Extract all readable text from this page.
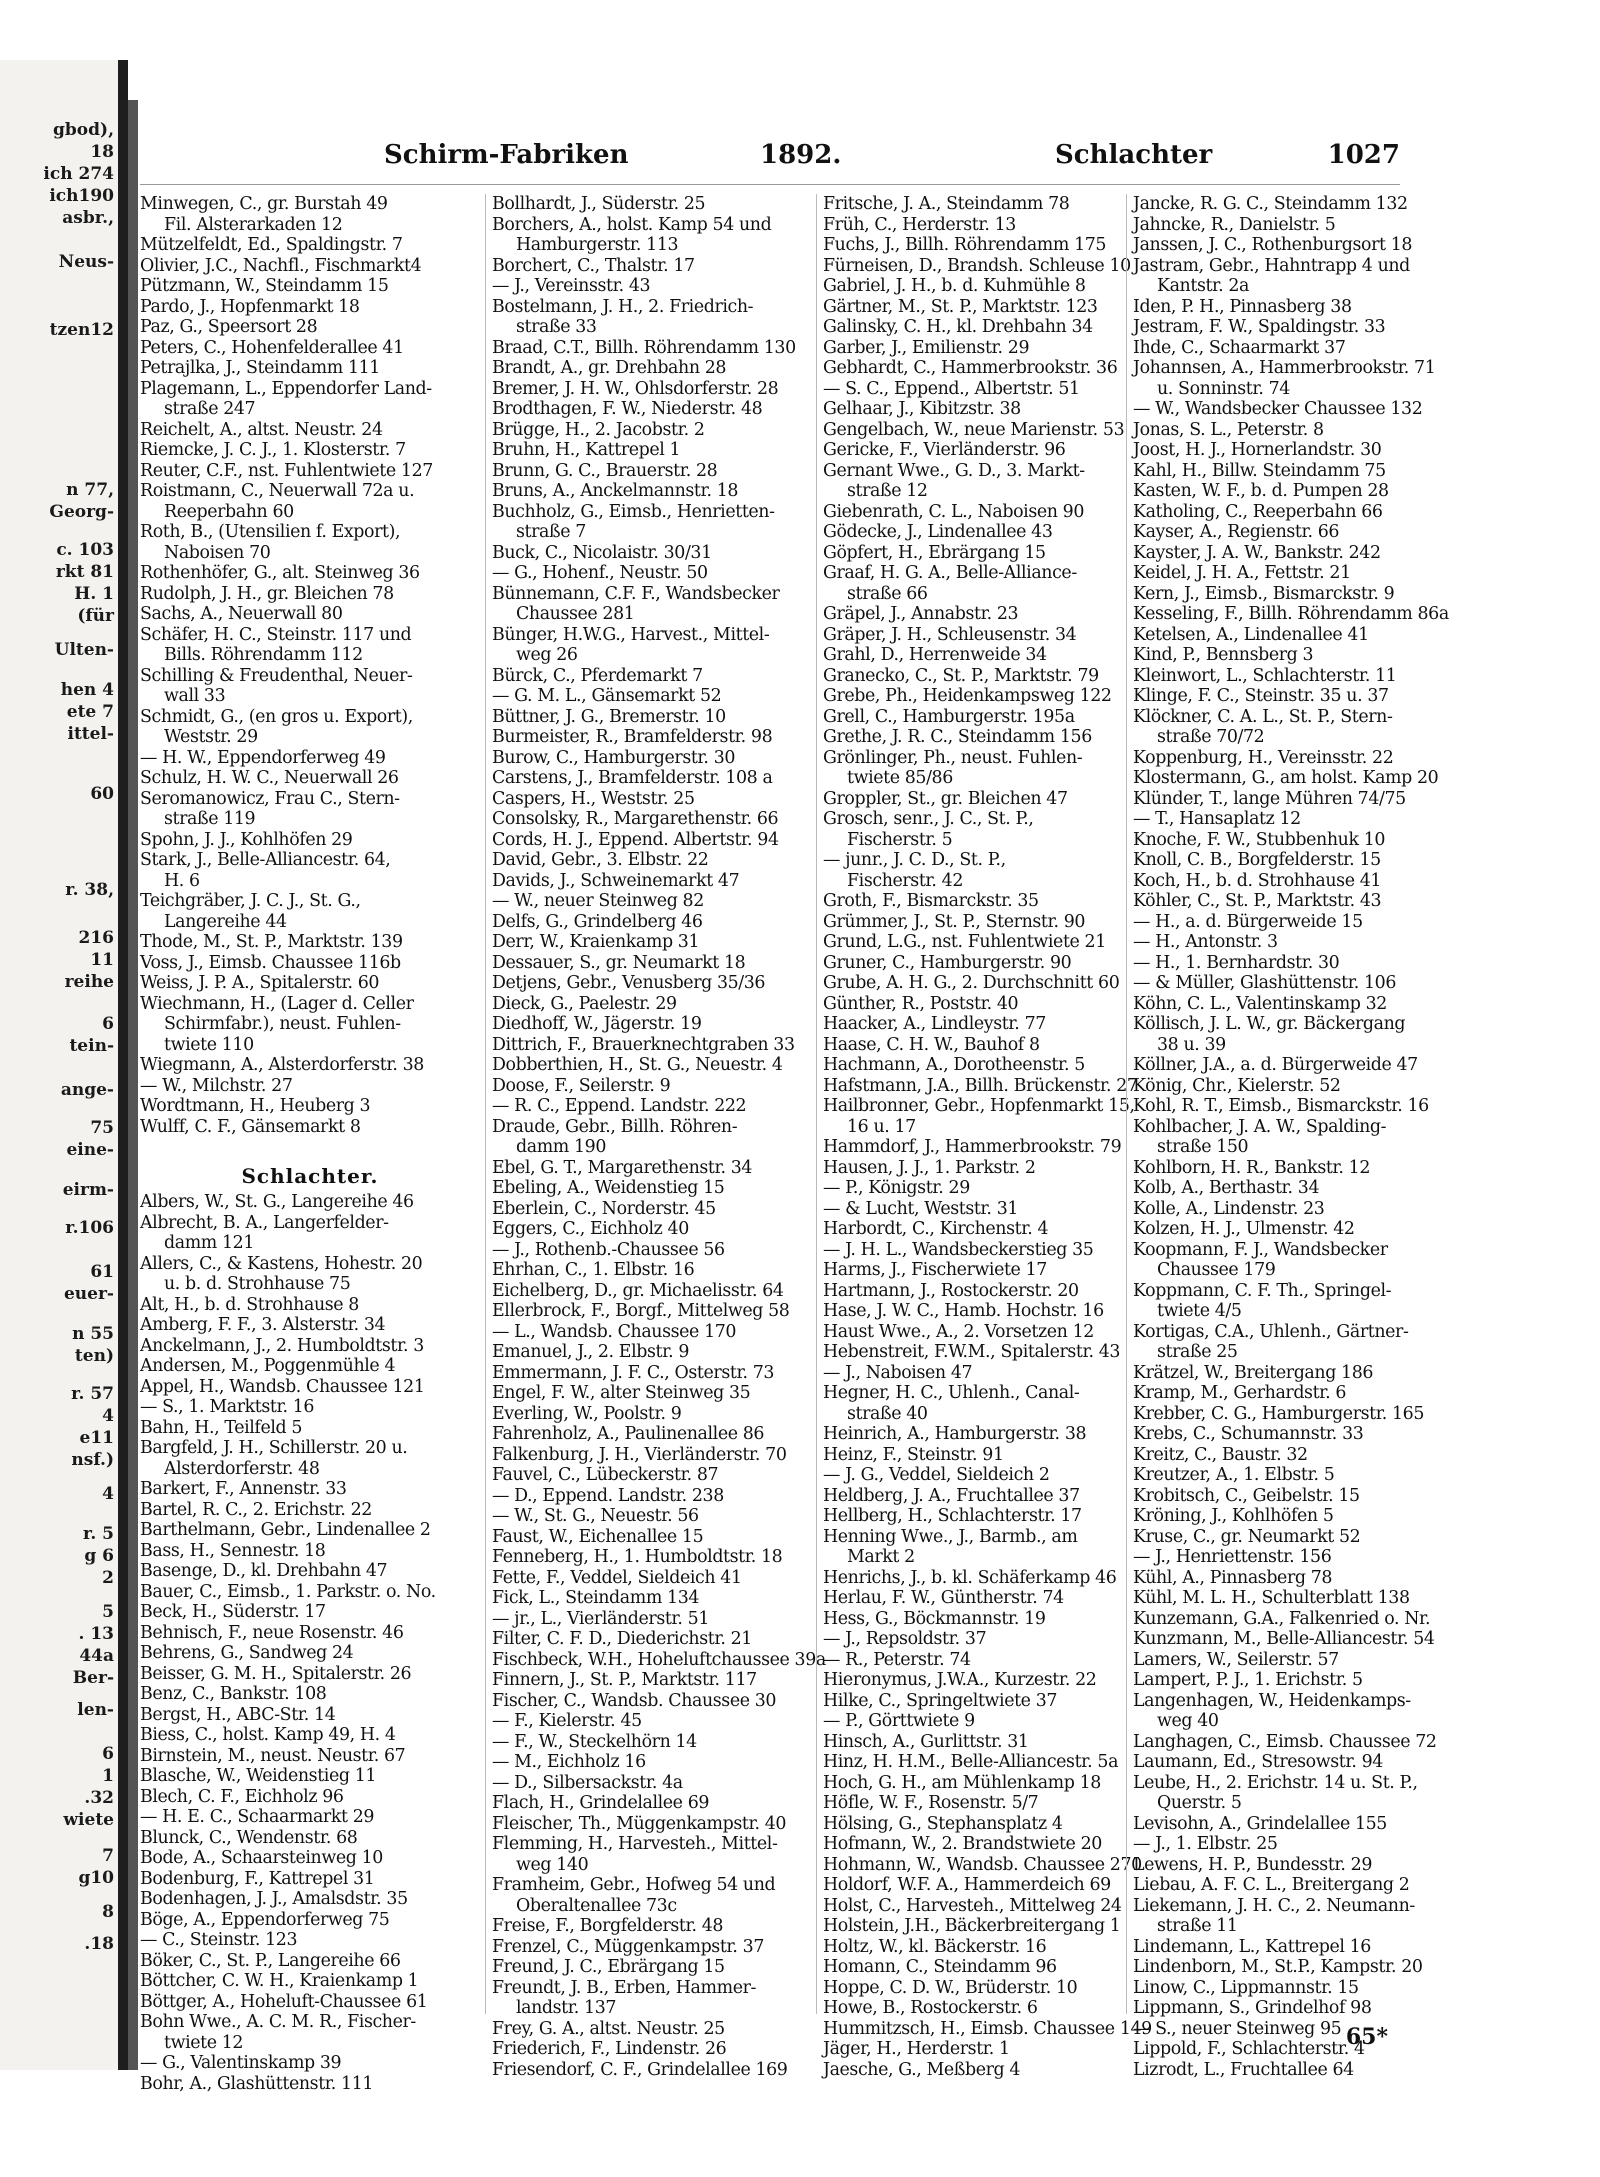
gbod),
18
ich 274
ich190
asbr.,
Neus-
tzen12
n 77,
Georg-
c. 103
rkt 81
H. 1
(für
Ulten-
hen 4
ete 7
ittel-
60
r. 38,
216
11
reihe
6
tein-
ange-
75
eine-
eirm-
r.106
61
euer-
n 55
ten)
r. 57
4
e11
nsf.)
4
r. 5
g 6
2
5
. 13
44a
Ber-
len-
6
1
.32
wiete
7
g10
8
.18
Schirm-Fabriken	1892.	Schlachter	1027
Minwegen, C., gr. Burstah 49
Fil. Alsterarkaden 12
Mützelfeldt, Ed., Spaldingstr. 7
Olivier, J.C., Nachfl., Fischmarkt4
Pützmann, W., Steindamm 15
Pardo, J., Hopfenmarkt 18
Paz, G., Speersort 28
Peters, C., Hohenfelderallee 41
Petrajlka, J., Steindamm 111
Plagemann, L., Eppendorfer Land-
straße 247
Reichelt, A., altst. Neustr. 24
Riemcke, J. C. J., 1. Klosterstr. 7
Reuter, C.F., nst. Fuhlentwiete 127
Roistmann, C., Neuerwall 72a u.
Reeperbahn 60
Roth, B., (Utensilien f. Export),
Naboisen 70
Rothenhöfer, G., alt. Steinweg 36
Rudolph, J. H., gr. Bleichen 78
Sachs, A., Neuerwall 80
Schäfer, H. C., Steinstr. 117 und
Bills. Röhrendamm 112
Schilling & Freudenthal, Neuer-
wall 33
Schmidt, G., (en gros u. Export),
Weststr. 29
— H. W., Eppendorferweg 49
Schulz, H. W. C., Neuerwall 26
Seromanowicz, Frau C., Stern-
straße 119
Spohn, J. J., Kohlhöfen 29
Stark, J., Belle-Alliancestr. 64,
H. 6
Teichgräber, J. C. J., St. G.,
Langereihe 44
Thode, M., St. P., Marktstr. 139
Voss, J., Eimsb. Chaussee 116b
Weiss, J. P. A., Spitalerstr. 60
Wiechmann, H., (Lager d. Celler
Schirmfabr.), neust. Fuhlen-
twiete 110
Wiegmann, A., Alsterdorferstr. 38
— W., Milchstr. 27
Wordtmann, H., Heuberg 3
Wulff, C. F., Gänsemarkt 8

Schlachter.
Albers, W., St. G., Langereihe 46
Albrecht, B. A., Langerfelder-
damm 121
Allers, C., & Kastens, Hohestr. 20
u. b. d. Strohhause 75
Alt, H., b. d. Strohhause 8
Amberg, F. F., 3. Alsterstr. 34
Anckelmann, J., 2. Humboldtstr. 3
Andersen, M., Poggenmühle 4
Appel, H., Wandsb. Chaussee 121
— S., 1. Marktstr. 16
Bahn, H., Teilfeld 5
Bargfeld, J. H., Schillerstr. 20 u.
Alsterdorferstr. 48
Barkert, F., Annenstr. 33
Bartel, R. C., 2. Erichstr. 22
Barthelmann, Gebr., Lindenallee 2
Bass, H., Sennestr. 18
Basenge, D., kl. Drehbahn 47
Bauer, C., Eimsb., 1. Parkstr. o. No.
Beck, H., Süderstr. 17
Behnisch, F., neue Rosenstr. 46
Behrens, G., Sandweg 24
Beisser, G. M. H., Spitalerstr. 26
Benz, C., Bankstr. 108
Bergst, H., ABC-Str. 14
Biess, C., holst. Kamp 49, H. 4
Birnstein, M., neust. Neustr. 67
Blasche, W., Weidenstieg 11
Blech, C. F., Eichholz 96
— H. E. C., Schaarmarkt 29
Blunck, C., Wendenstr. 68
Bode, A., Schaarsteinweg 10
Bodenburg, F., Kattrepel 31
Bodenhagen, J. J., Amalsdstr. 35
Böge, A., Eppendorferweg 75
— C., Steinstr. 123
Böker, C., St. P., Langereihe 66
Böttcher, C. W. H., Kraienkamp 1
Böttger, A., Hoheluft-Chaussee 61
Bohn Wwe., A. C. M. R., Fischer-
twiete 12
— G., Valentinskamp 39
Bohr, A., Glashüttenstr. 111
Bollhardt, J., Süderstr. 25
Borchers, A., holst. Kamp 54 und
Hamburgerstr. 113
Borchert, C., Thalstr. 17
— J., Vereinsstr. 43
Bostelmann, J. H., 2. Friedrich-
straße 33
Braad, C.T., Billh. Röhrendamm 130
Brandt, A., gr. Drehbahn 28
Bremer, J. H. W., Ohlsdorferstr. 28
Brodthagen, F. W., Niederstr. 48
Brügge, H., 2. Jacobstr. 2
Bruhn, H., Kattrepel 1
Brunn, G. C., Brauerstr. 28
Bruns, A., Anckelmannstr. 18
Buchholz, G., Eimsb., Henrietten-
straße 7
Buck, C., Nicolaistr. 30/31
— G., Hohenf., Neustr. 50
Bünnemann, C.F. F., Wandsbecker
Chaussee 281
Bünger, H.W.G., Harvest., Mittel-
weg 26
Bürck, C., Pferdemarkt 7
— G. M. L., Gänsemarkt 52
Büttner, J. G., Bremerstr. 10
Burmeister, R., Bramfelderstr. 98
Burow, C., Hamburgerstr. 30
Carstens, J., Bramfelderstr. 108 a
Caspers, H., Weststr. 25
Consolsky, R., Margarethenstr. 66
Cords, H. J., Eppend. Albertstr. 94
David, Gebr., 3. Elbstr. 22
Davids, J., Schweinemarkt 47
— W., neuer Steinweg 82
Delfs, G., Grindelberg 46
Derr, W., Kraienkamp 31
Dessauer, S., gr. Neumarkt 18
Detjens, Gebr., Venusberg 35/36
Dieck, G., Paelestr. 29
Diedhoff, W., Jägerstr. 19
Dittrich, F., Brauerknechtgraben 33
Dobberthien, H., St. G., Neuestr. 4
Doose, F., Seilerstr. 9
— R. C., Eppend. Landstr. 222
Draude, Gebr., Billh. Röhren-
damm 190
Ebel, G. T., Margarethenstr. 34
Ebeling, A., Weidenstieg 15
Eberlein, C., Norderstr. 45
Eggers, C., Eichholz 40
— J., Rothenb.-Chaussee 56
Ehrhan, C., 1. Elbstr. 16
Eichelberg, D., gr. Michaelisstr. 64
Ellerbrock, F., Borgf., Mittelweg 58
— L., Wandsb. Chaussee 170
Emanuel, J., 2. Elbstr. 9
Emmermann, J. F. C., Osterstr. 73
Engel, F. W., alter Steinweg 35
Everling, W., Poolstr. 9
Fahrenholz, A., Paulinenallee 86
Falkenburg, J. H., Vierländerstr. 70
Fauvel, C., Lübeckerstr. 87
— D., Eppend. Landstr. 238
— W., St. G., Neuestr. 56
Faust, W., Eichenallee 15
Fenneberg, H., 1. Humboldtstr. 18
Fette, F., Veddel, Sieldeich 41
Fick, L., Steindamm 134
— jr., L., Vierländerstr. 51
Filter, C. F. D., Diederichstr. 21
Fischbeck, W.H., Hoheluftchaussee 39a
Finnern, J., St. P., Marktstr. 117
Fischer, C., Wandsb. Chaussee 30
— F., Kielerstr. 45
— F., W., Steckelhörn 14
— M., Eichholz 16
— D., Silbersackstr. 4a
Flach, H., Grindelallee 69
Fleischer, Th., Müggenkampstr. 40
Flemming, H., Harvesteh., Mittel-
weg 140
Framheim, Gebr., Hofweg 54 und
Oberaltenallee 73c
Freise, F., Borgfelderstr. 48
Frenzel, C., Müggenkampstr. 37
Freund, J. C., Ebrärgang 15
Freundt, J. B., Erben, Hammer-
landstr. 137
Frey, G. A., altst. Neustr. 25
Friederich, F., Lindenstr. 26
Friesendorf, C. F., Grindelallee 169
Fritsche, J. A., Steindamm 78
Früh, C., Herderstr. 13
Fuchs, J., Billh. Röhrendamm 175
Fürneisen, D., Brandsh. Schleuse 10
Gabriel, J. H., b. d. Kuhmühle 8
Gärtner, M., St. P., Marktstr. 123
Galinsky, C. H., kl. Drehbahn 34
Garber, J., Emilienstr. 29
Gebhardt, C., Hammerbrookstr. 36
— S. C., Eppend., Albertstr. 51
Gelhaar, J., Kibitzstr. 38
Gengelbach, W., neue Marienstr. 53
Gericke, F., Vierländerstr. 96
Gernant Wwe., G. D., 3. Markt-
straße 12
Giebenrath, C. L., Naboisen 90
Gödecke, J., Lindenallee 43
Göpfert, H., Ebrärgang 15
Graaf, H. G. A., Belle-Alliance-
straße 66
Gräpel, J., Annabstr. 23
Gräper, J. H., Schleusenstr. 34
Grahl, D., Herrenweide 34
Granecko, C., St. P., Marktstr. 79
Grebe, Ph., Heidenkampsweg 122
Grell, C., Hamburgerstr. 195a
Grethe, J. R. C., Steindamm 156
Grönlinger, Ph., neust. Fuhlen-
twiete 85/86
Groppler, St., gr. Bleichen 47
Grosch, senr., J. C., St. P.,
Fischerstr. 5
— junr., J. C. D., St. P.,
Fischerstr. 42
Groth, F., Bismarckstr. 35
Grümmer, J., St. P., Sternstr. 90
Grund, L.G., nst. Fuhlentwiete 21
Gruner, C., Hamburgerstr. 90
Grube, A. H. G., 2. Durchschnitt 60
Günther, R., Poststr. 40
Haacker, A., Lindleystr. 77
Haase, C. H. W., Bauhof 8
Hachmann, A., Dorotheenstr. 5
Hafstmann, J.A., Billh. Brückenstr. 27
Hailbronner, Gebr., Hopfenmarkt 15,
16 u. 17
Hammdorf, J., Hammerbrookstr. 79
Hausen, J. J., 1. Parkstr. 2
— P., Königstr. 29
— & Lucht, Weststr. 31
Harbordt, C., Kirchenstr. 4
— J. H. L., Wandsbeckerstieg 35
Harms, J., Fischerwiete 17
Hartmann, J., Rostockerstr. 20
Hase, J. W. C., Hamb. Hochstr. 16
Haust Wwe., A., 2. Vorsetzen 12
Hebenstreit, F.W.M., Spitalerstr. 43
— J., Naboisen 47
Hegner, H. C., Uhlenh., Canal-
straße 40
Heinrich, A., Hamburgerstr. 38
Heinz, F., Steinstr. 91
— J. G., Veddel, Sieldeich 2
Heldberg, J. A., Fruchtallee 37
Hellberg, H., Schlachterstr. 17
Henning Wwe., J., Barmb., am
Markt 2
Henrichs, J., b. kl. Schäferkamp 46
Herlau, F. W., Güntherstr. 74
Hess, G., Böckmannstr. 19
— J., Repsoldstr. 37
— R., Peterstr. 74
Hieronymus, J.W.A., Kurzestr. 22
Hilke, C., Springeltwiete 37
— P., Görttwiete 9
Hinsch, A., Gurlittstr. 31
Hinz, H. H.M., Belle-Alliancestr. 5a
Hoch, G. H., am Mühlenkamp 18
Höfle, W. F., Rosenstr. 5/7
Hölsing, G., Stephansplatz 4
Hofmann, W., 2. Brandstwiete 20
Hohmann, W., Wandsb. Chaussee 270
Holdorf, W.F. A., Hammerdeich 69
Holst, C., Harvesteh., Mittelweg 24
Holstein, J.H., Bäckerbreitergang 1
Holtz, W., kl. Bäckerstr. 16
Homann, C., Steindamm 96
Hoppe, C. D. W., Brüderstr. 10
Howe, B., Rostockerstr. 6
Hummitzsch, H., Eimsb. Chaussee 149
Jäger, H., Herderstr. 1
Jaesche, G., Meßberg 4
Jancke, R. G. C., Steindamm 132
Jahncke, R., Danielstr. 5
Janssen, J. C., Rothenburgsort 18
Jastram, Gebr., Hahntrapp 4 und
Kantstr. 2a
Iden, P. H., Pinnasberg 38
Jestram, F. W., Spaldingstr. 33
Ihde, C., Schaarmarkt 37
Johannsen, A., Hammerbrookstr. 71
u. Sonninstr. 74
— W., Wandsbecker Chaussee 132
Jonas, S. L., Peterstr. 8
Joost, H. J., Hornerlandstr. 30
Kahl, H., Billw. Steindamm 75
Kasten, W. F., b. d. Pumpen 28
Katholing, C., Reeperbahn 66
Kayser, A., Regienstr. 66
Kayster, J. A. W., Bankstr. 242
Keidel, J. H. A., Fettstr. 21
Kern, J., Eimsb., Bismarckstr. 9
Kesseling, F., Billh. Röhrendamm 86a
Ketelsen, A., Lindenallee 41
Kind, P., Bennsberg 3
Kleinwort, L., Schlachterstr. 11
Klinge, F. C., Steinstr. 35 u. 37
Klöckner, C. A. L., St. P., Stern-
straße 70/72
Koppenburg, H., Vereinsstr. 22
Klostermann, G., am holst. Kamp 20
Klünder, T., lange Mühren 74/75
— T., Hansaplatz 12
Knoche, F. W., Stubbenhuk 10
Knoll, C. B., Borgfelderstr. 15
Koch, H., b. d. Strohhause 41
Köhler, C., St. P., Marktstr. 43
— H., a. d. Bürgerweide 15
— H., Antonstr. 3
— H., 1. Bernhardstr. 30
— & Müller, Glashüttenstr. 106
Köhn, C. L., Valentinskamp 32
Köllisch, J. L. W., gr. Bäckergang
38 u. 39
Köllner, J.A., a. d. Bürgerweide 47
König, Chr., Kielerstr. 52
Kohl, R. T., Eimsb., Bismarckstr. 16
Kohlbacher, J. A. W., Spalding-
straße 150
Kohlborn, H. R., Bankstr. 12
Kolb, A., Berthastr. 34
Kolle, A., Lindenstr. 23
Kolzen, H. J., Ulmenstr. 42
Koopmann, F. J., Wandsbecker
Chaussee 179
Koppmann, C. F. Th., Springel-
twiete 4/5
Kortigas, C.A., Uhlenh., Gärtner-
straße 25
Krätzel, W., Breitergang 186
Kramp, M., Gerhardstr. 6
Krebber, C. G., Hamburgerstr. 165
Krebs, C., Schumannstr. 33
Kreitz, C., Baustr. 32
Kreutzer, A., 1. Elbstr. 5
Krobitsch, C., Geibelstr. 15
Kröning, J., Kohlhöfen 5
Kruse, C., gr. Neumarkt 52
— J., Henriettenstr. 156
Kühl, A., Pinnasberg 78
Kühl, M. L. H., Schulterblatt 138
Kunzemann, G.A., Falkenried o. Nr.
Kunzmann, M., Belle-Alliancestr. 54
Lamers, W., Seilerstr. 57
Lampert, P. J., 1. Erichstr. 5
Langenhagen, W., Heidenkamps-
weg 40
Langhagen, C., Eimsb. Chaussee 72
Laumann, Ed., Stresowstr. 94
Leube, H., 2. Erichstr. 14 u. St. P.,
Querstr. 5
Levisohn, A., Grindelallee 155
— J., 1. Elbstr. 25
Lewens, H. P., Bundesstr. 29
Liebau, A. F. C. L., Breitergang 2
Liekemann, J. H. C., 2. Neumann-
straße 11
Lindemann, L., Kattrepel 16
Lindenborn, M., St.P., Kampstr. 20
Linow, C., Lippmannstr. 15
Lippmann, S., Grindelhof 98
— S., neuer Steinweg 95
Lippold, F., Schlachterstr. 4
Lizrodt, L., Fruchtallee 64
65*
